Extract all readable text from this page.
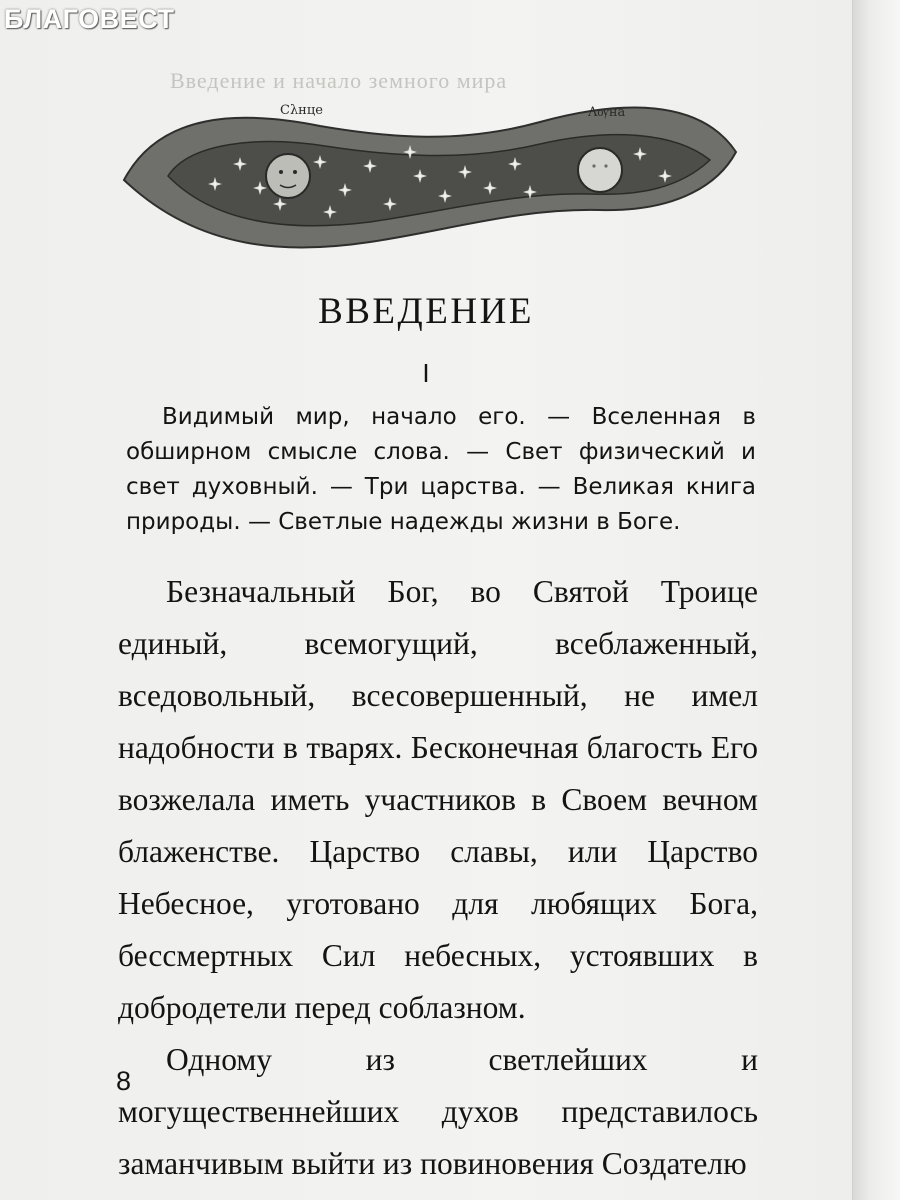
БЛАГОВЕСТ
Введение и начало земного мира
Сλнце	Λѹна
ВВЕДЕНИЕ
I

Видимый мир, начало его. — Вселенная в обширном смысле слова. — Свет физический и свет духовный. — Три царства. — Великая книга природы. — Светлые надежды жизни в Боге.

Безначальный Бог, во Святой Троице единый, всемогущий, всеблаженный, вседовольный, всесовершенный, не имел надобности в тварях. Бесконечная благость Его возжелала иметь участников в Своем вечном блаженстве. Царство славы, или Царство Небесное, уготовано для любящих Бога, бессмертных Сил небесных, устоявших в добродетели перед соблазном.

Одному из светлейших и могущественнейших духов представилось заманчивым выйти из повиновения Создателю

8
